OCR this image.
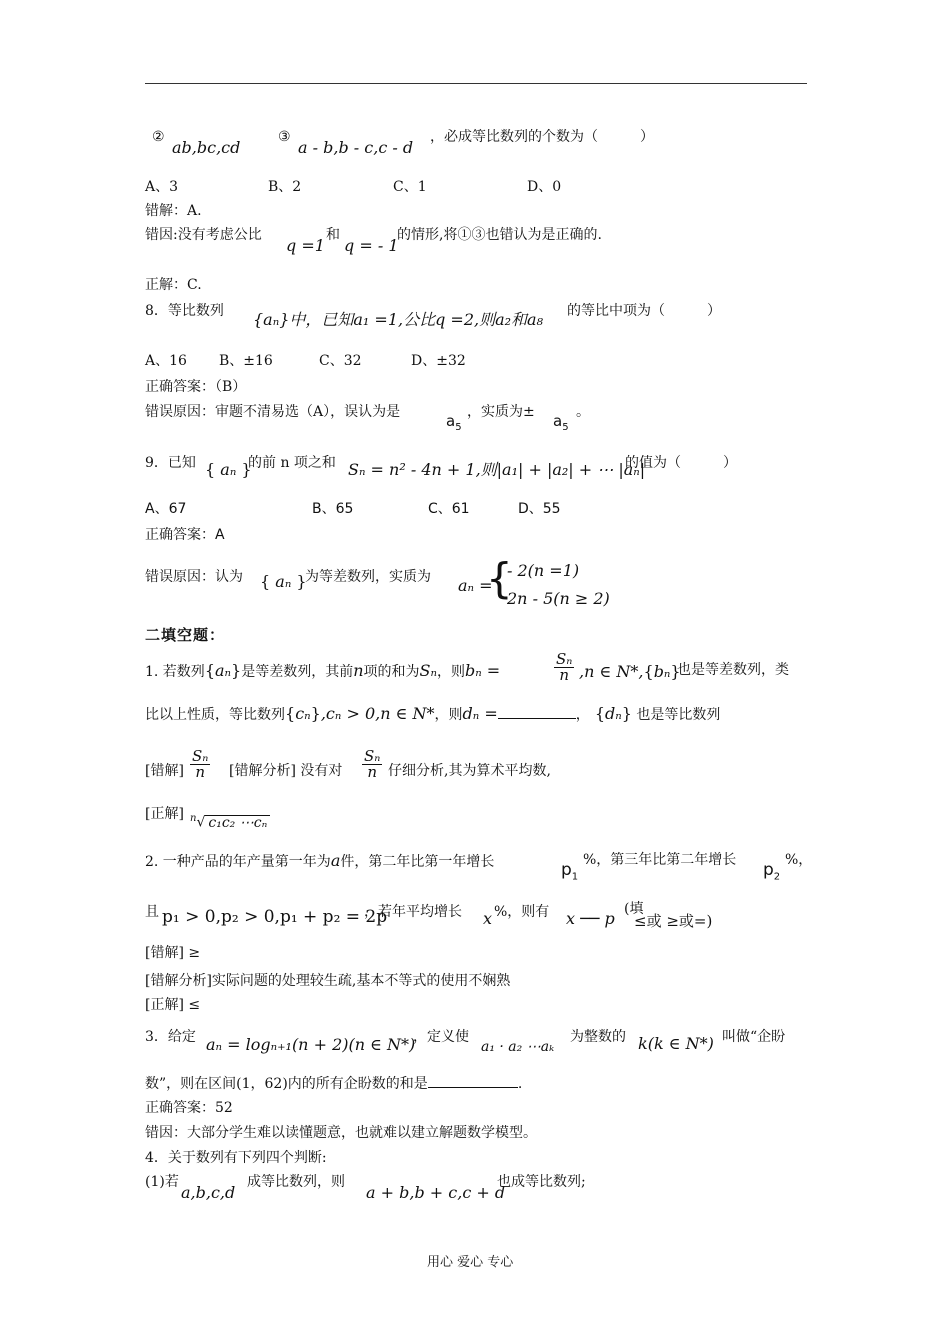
②
ab,bc,cd
③
a - b,b - c,c - d
，必成等比数列的个数为（　　　）
A、3	B、2	C、1	D、0
错解：A.
错因:没有考虑公比
q =1
和
q = - 1
的情形,将①③也错认为是正确的.
正解：C.
8．等比数列 {aₙ}中，已知a₁ =1,公比q =2,则a₂和a₈ 的等比中项为（　　　）
A、16 B、±16	C、32	D、±32
正确答案：（B）
错误原因：审题不清易选（A），误认为是	$a_5$
，实质为± $a_5$
。
9．已知 { aₙ }
的前 n 项之和 Sₙ = n² - 4n + 1,则|a₁| + |a₂| + ⋯ |aₙ|
的值为（　　　）
A、67	B、65	C、61	D、55
正确答案：A
错误原因：认为 { aₙ }
为等差数列，实质为 aₙ =
{
- 2(n =1)
2n - 5(n ≥ 2)
二填空题：
1. 若数列{aₙ}是等差数列，其前n项的和为Sₙ，则bₙ =	$\frac{\text{Sₙ}}{n} ,n$ ∈ N*,{bₙ}
也是等差数列，类
比以上性质，等比数列{cₙ},cₙ > 0,n ∈ N*，则dₙ =	， {dₙ} 也是等比数列
[错解] $\frac{\text{Sₙ}}{n}$ [错解分析] 没有对 $\frac{\text{Sₙ}}{n}$ 仔细分析,其为算术平均数,
[正解] $^n$√ c₁c₂ ⋯cₙ
2. 一种产品的年产量第一年为a件，第二年比第一年增长	$p_1$
%，第三年比第二年增长 $p_2$
%，
且 p₁ > 0,p₂ > 0,p₁ + p₂ = 2p
，若年平均增长 x %，则有 x ── p (填
≤或 ≥或=)
[错解] ≥
[错解分析]实际问题的处理较生疏,基本不等式的使用不娴熟
[正解] ≤
3．给定 aₙ = logₙ₊₁(n + 2)(n ∈ N*)
，定义使
a₁ · a₂ ⋯aₖ
为整数的 k(k ∈ N*) 叫做“企盼
数”，则在区间(1，62)内的所有企盼数的和是	.
正确答案：52
错因：大部分学生难以读懂题意，也就难以建立解题数学模型。
4．关于数列有下列四个判断:
(1)若
a,b,c,d
成等比数列，则
a + b,b + c,c + d
也成等比数列;
用心 爱心 专心
